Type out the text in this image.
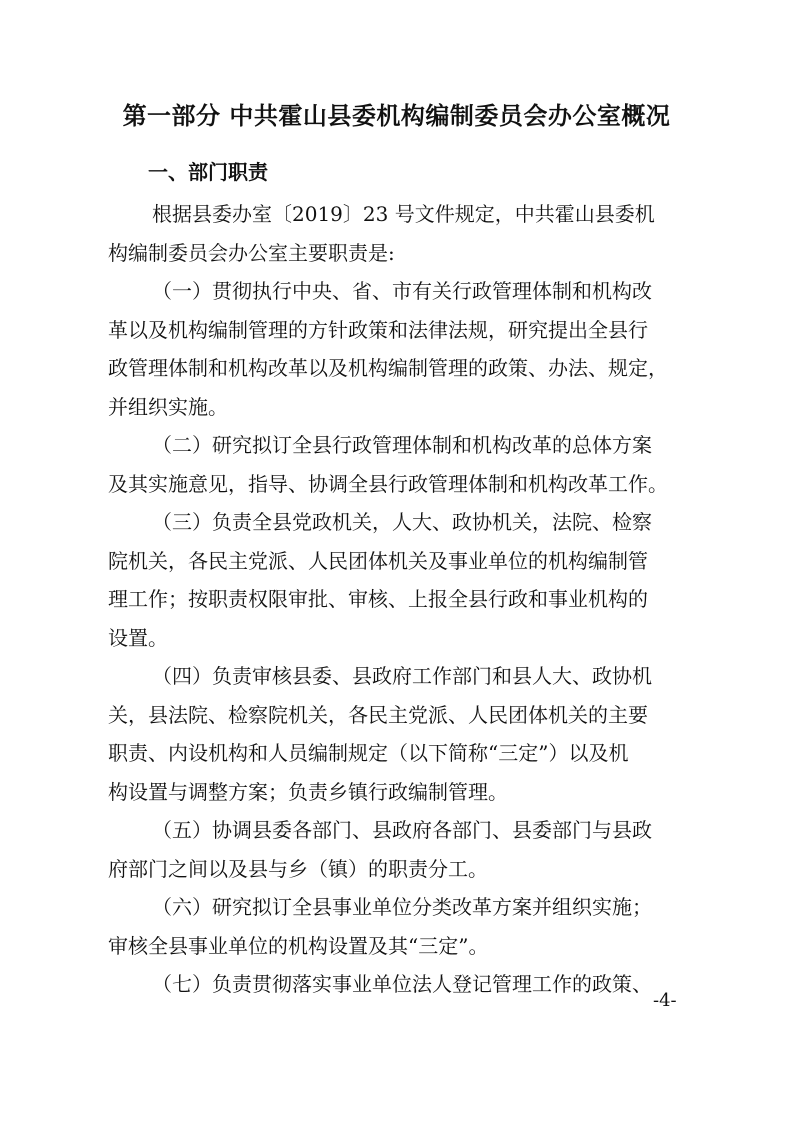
第一部分 中共霍山县委机构编制委员会办公室概况
一、部门职责
根据县委办室〔2019〕23 号文件规定，中共霍山县委机
构编制委员会办公室主要职责是:
（一）贯彻执行中央、省、市有关行政管理体制和机构改
革以及机构编制管理的方针政策和法律法规，研究提出全县行
政管理体制和机构改革以及机构编制管理的政策、办法、规定，
并组织实施。
（二）研究拟订全县行政管理体制和机构改革的总体方案
及其实施意见，指导、协调全县行政管理体制和机构改革工作。
（三）负责全县党政机关，人大、政协机关，法院、检察
院机关，各民主党派、人民团体机关及事业单位的机构编制管
理工作；按职责权限审批、审核、上报全县行政和事业机构的
设置。
（四）负责审核县委、县政府工作部门和县人大、政协机
关，县法院、检察院机关，各民主党派、人民团体机关的主要
职责、内设机构和人员编制规定（以下简称“三定”）以及机
构设置与调整方案；负责乡镇行政编制管理。
（五）协调县委各部门、县政府各部门、县委部门与县政
府部门之间以及县与乡（镇）的职责分工。
（六）研究拟订全县事业单位分类改革方案并组织实施；
审核全县事业单位的机构设置及其“三定”。
（七）负责贯彻落实事业单位法人登记管理工作的政策、
-4-
